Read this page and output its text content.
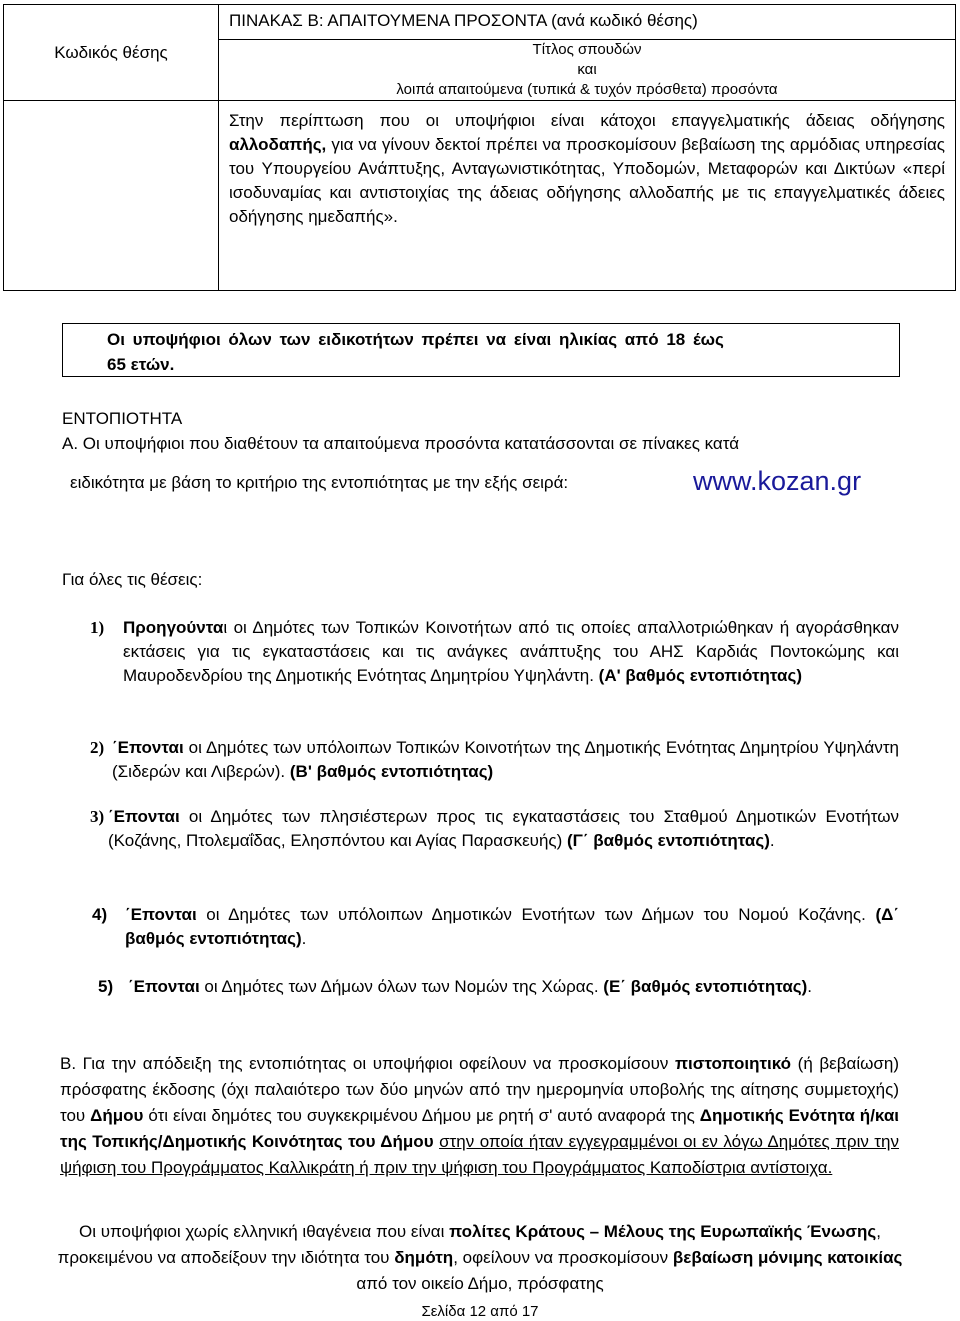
Κωδικός θέσης	ΠΙΝΑΚΑΣ Β: ΑΠΑΙΤΟΥΜΕΝΑ ΠΡΟΣΟΝΤΑ (ανά κωδικό θέσης)

	Τίτλος σπουδών
και
λοιπά απαιτούμενα (τυπικά & τυχόν πρόσθετα) προσόντα

	Στην περίπτωση που οι υποψήφιοι είναι κάτοχοι επαγγελματικής άδειας οδήγησης αλλοδαπής, για να γίνουν δεκτοί πρέπει να προσκομίσουν βεβαίωση της αρμόδιας υπηρεσίας του Υπουργείου Ανάπτυξης, Ανταγωνιστικότητας, Υποδομών, Μεταφορών και Δικτύων «περί ισοδυναμίας και αντιστοιχίας της άδειας οδήγησης αλλοδαπής με τις επαγγελματικές άδειες οδήγησης ημεδαπής».
Οι υποψήφιοι όλων των ειδικοτήτων πρέπει να είναι ηλικίας από 18 έως
65 ετών.
ΕΝΤΟΠΙΟΤΗΤΑ
Α. Οι υποψήφιοι που διαθέτουν τα απαιτούμενα προσόντα κατατάσσονται σε πίνακες κατά
ειδικότητα με βάση το κριτήριο της εντοπιότητας με την εξής σειρά:	www.kozan.gr
Για όλες τις θέσεις:
1) Προηγούνται οι Δημότες των Τοπικών Κοινοτήτων από τις οποίες απαλλοτριώθηκαν ή αγοράσθηκαν εκτάσεις για τις εγκαταστάσεις και τις ανάγκες ανάπτυξης του ΑΗΣ Καρδιάς Ποντοκώμης και Μαυροδενδρίου της Δημοτικής Ενότητας Δημητρίου Υψηλάντη. (Α' βαθμός εντοπιότητας)
2) ΄Επονται οι Δημότες των υπόλοιπων Τοπικών Κοινοτήτων της Δημοτικής Ενότητας Δημητρίου Υψηλάντη (Σιδερών και Λιβερών). (Β' βαθμός εντοπιότητας)
3) ΄Επονται οι Δημότες των πλησιέστερων προς τις εγκαταστάσεις του Σταθμού Δημοτικών Ενοτήτων (Κοζάνης, Πτολεμαΐδας, Ελησπόντου και Αγίας Παρασκευής) (Γ΄ βαθμός εντοπιότητας).
4) ΄Επονται οι Δημότες των υπόλοιπων Δημοτικών Ενοτήτων των Δήμων του Νομού Κοζάνης. (Δ΄ βαθμός εντοπιότητας).
5) ΄Επονται οι Δημότες των Δήμων όλων των Νομών της Χώρας. (Ε΄ βαθμός εντοπιότητας).
Β. Για την απόδειξη της εντοπιότητας οι υποψήφιοι οφείλουν να προσκομίσουν πιστοποιητικό (ή βεβαίωση) πρόσφατης έκδοσης (όχι παλαιότερο των δύο μηνών από την ημερομηνία υποβολής της αίτησης συμμετοχής) του Δήμου ότι είναι δημότες του συγκεκριμένου Δήμου με ρητή σ' αυτό αναφορά της Δημοτικής Ενότητα ή/και της Τοπικής/Δημοτικής Κοινότητας του Δήμου στην οποία ήταν εγγεγραμμένοι οι εν λόγω Δημότες πριν την ψήφιση του Προγράμματος Καλλικράτη ή πριν την ψήφιση του Προγράμματος Καποδίστρια αντίστοιχα.
Οι υποψήφιοι χωρίς ελληνική ιθαγένεια που είναι πολίτες Κράτους – Μέλους της Ευρωπαϊκής Ένωσης, προκειμένου να αποδείξουν την ιδιότητα του δημότη, οφείλουν να προσκομίσουν βεβαίωση μόνιμης κατοικίας από τον οικείο Δήμο, πρόσφατης
Σελίδα 12 από 17
